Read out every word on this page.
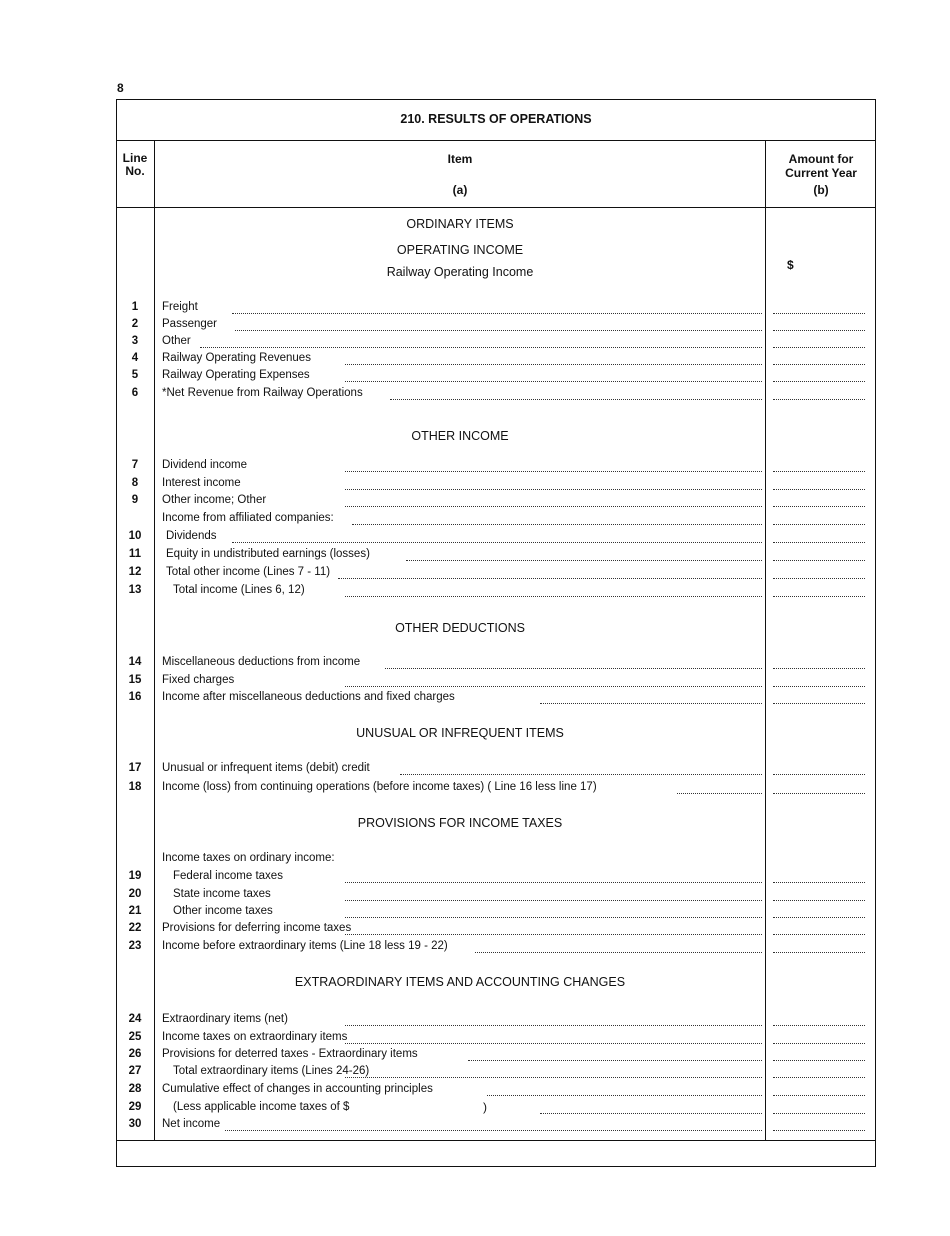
8
210. RESULTS OF OPERATIONS
Line
No.
Item
(a)
Amount for
Current Year
(b)
$
ORDINARY ITEMS
OPERATING INCOME
Railway Operating Income
OTHER INCOME
OTHER DEDUCTIONS
UNUSUAL OR INFREQUENT ITEMS
PROVISIONS FOR INCOME TAXES
EXTRAORDINARY ITEMS AND ACCOUNTING CHANGES
1	Freight
2	Passenger
3	Other
4	Railway Operating Revenues
5	Railway Operating Expenses
6	*Net Revenue from Railway Operations
7	Dividend income
8	Interest income
9	Other income; Other
Income from affiliated companies:
10	Dividends
11	Equity in undistributed earnings (losses)
12	Total other income (Lines 7 - 11)
13	Total income (Lines 6, 12)
14	Miscellaneous deductions from income
15	Fixed charges
16	Income after miscellaneous deductions and fixed charges
17	Unusual or infrequent items (debit) credit
18	Income (loss) from continuing operations (before income taxes) ( Line 16 less line 17)
Income taxes on ordinary income:
19	Federal income taxes
20	State income taxes
21	Other income taxes
22	Provisions for deferring income taxes
23	Income before extraordinary items (Line 18 less 19 - 22)
24	Extraordinary items (net)
25	Income taxes on extraordinary items
26	Provisions for deterred taxes - Extraordinary items
27	Total extraordinary items (Lines 24-26)
28	Cumulative effect of changes in accounting principles
29	(Less applicable income taxes of $
30	Net income
)
